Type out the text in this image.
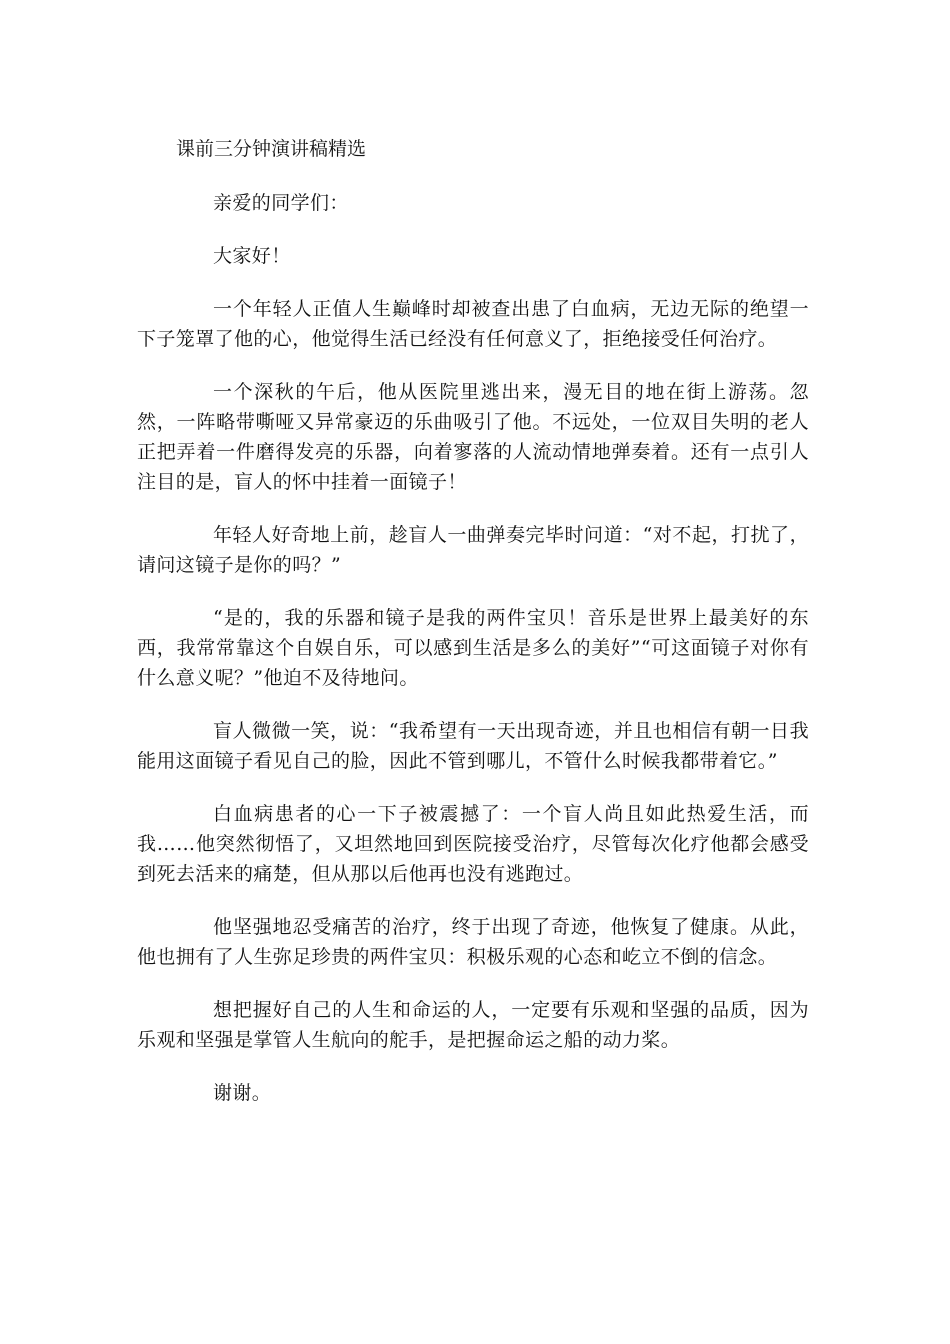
课前三分钟演讲稿精选

亲爱的同学们：

大家好！

一个年轻人正值人生巅峰时却被查出患了白血病，无边无际的绝望一下子笼罩了他的心，他觉得生活已经没有任何意义了，拒绝接受任何治疗。

一个深秋的午后，他从医院里逃出来，漫无目的地在街上游荡。忽然，一阵略带嘶哑又异常豪迈的乐曲吸引了他。不远处，一位双目失明的老人正把弄着一件磨得发亮的乐器，向着寥落的人流动情地弹奏着。还有一点引人注目的是，盲人的怀中挂着一面镜子！

年轻人好奇地上前，趁盲人一曲弹奏完毕时问道：“对不起，打扰了，请问这镜子是你的吗？”

“是的，我的乐器和镜子是我的两件宝贝！音乐是世界上最美好的东西，我常常靠这个自娱自乐，可以感到生活是多么的美好”“可这面镜子对你有什么意义呢？”他迫不及待地问。

盲人微微一笑，说：“我希望有一天出现奇迹，并且也相信有朝一日我能用这面镜子看见自己的脸，因此不管到哪儿，不管什么时候我都带着它。”

白血病患者的心一下子被震撼了：一个盲人尚且如此热爱生活，而我……他突然彻悟了，又坦然地回到医院接受治疗，尽管每次化疗他都会感受到死去活来的痛楚，但从那以后他再也没有逃跑过。

他坚强地忍受痛苦的治疗，终于出现了奇迹，他恢复了健康。从此，他也拥有了人生弥足珍贵的两件宝贝：积极乐观的心态和屹立不倒的信念。

想把握好自己的人生和命运的人，一定要有乐观和坚强的品质，因为乐观和坚强是掌管人生航向的舵手，是把握命运之船的动力桨。

谢谢。
